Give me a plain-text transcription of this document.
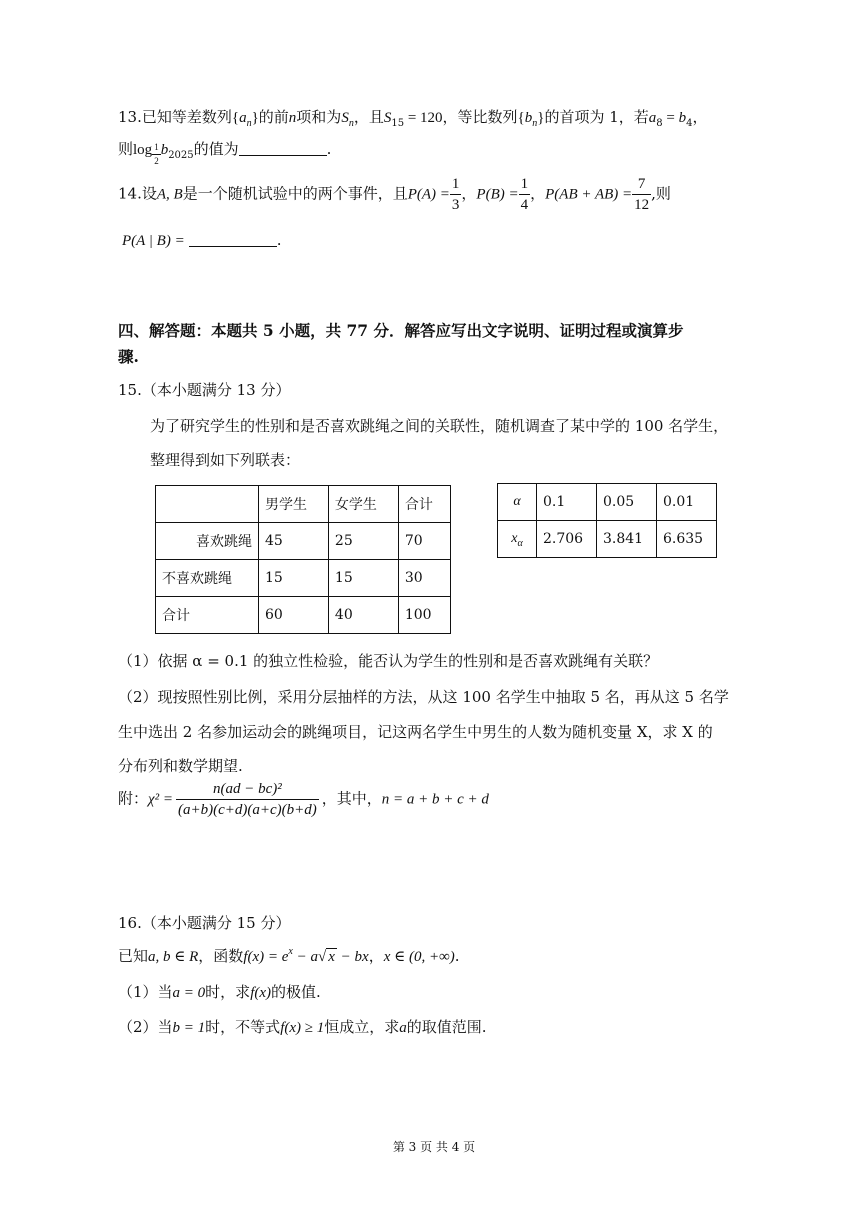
13.已知等差数列$\{a_n\}$的前n项和为$S_n$，且$S_{15} = 120$，等比数列$\{b_n\}$的首项为 1，若$a_8 = b_4$，
则$\log \frac{1}{2} b_{2025}$的值为	.
14.设A, B是一个随机试验中的两个事件，且$P(A) = \frac{1}{3}$ ，$P(B) = \frac{1}{4}$ ，$P(AB + AB) = \frac{7}{12}$ ,则
P(A | B) =	.
四、解答题：本题共 5 小题，共 77 分．解答应写出文字说明、证明过程或演算步
骤.
15.（本小题满分 13 分）
为了研究学生的性别和是否喜欢跳绳之间的关联性，随机调查了某中学的 100 名学生，
整理得到如下列联表：
	男学生	女学生	合计
喜欢跳绳	45	25	70
不喜欢跳绳	15	15	30
合计	60	40	100
α	0.1	0.05	0.01
$x_\alpha$	2.706	3.841	6.635
（1）依据 α = 0.1 的独立性检验，能否认为学生的性别和是否喜欢跳绳有关联？
（2）现按照性别比例，采用分层抽样的方法，从这 100 名学生中抽取 5 名，再从这 5 名学
生中选出 2 名参加运动会的跳绳项目，记这两名学生中男生的人数为随机变量 X，求 X 的
分布列和数学期望.
附：$\chi^2 = \frac{\text{n(ad − bc)²}}{(a+b)(c+d)(a+c)(b+d)}$ ，其中，n = a + b + c + d
16.（本小题满分 15 分）
已知a, b ∈ R，函数$f(x) = e^x - a√$ x − bx，x ∈ (0, +∞).
（1）当a = 0时，求f(x)的极值.
（2）当b = 1时，不等式f(x) ≥ 1恒成立，求a的取值范围.
第 3 页 共 4 页
